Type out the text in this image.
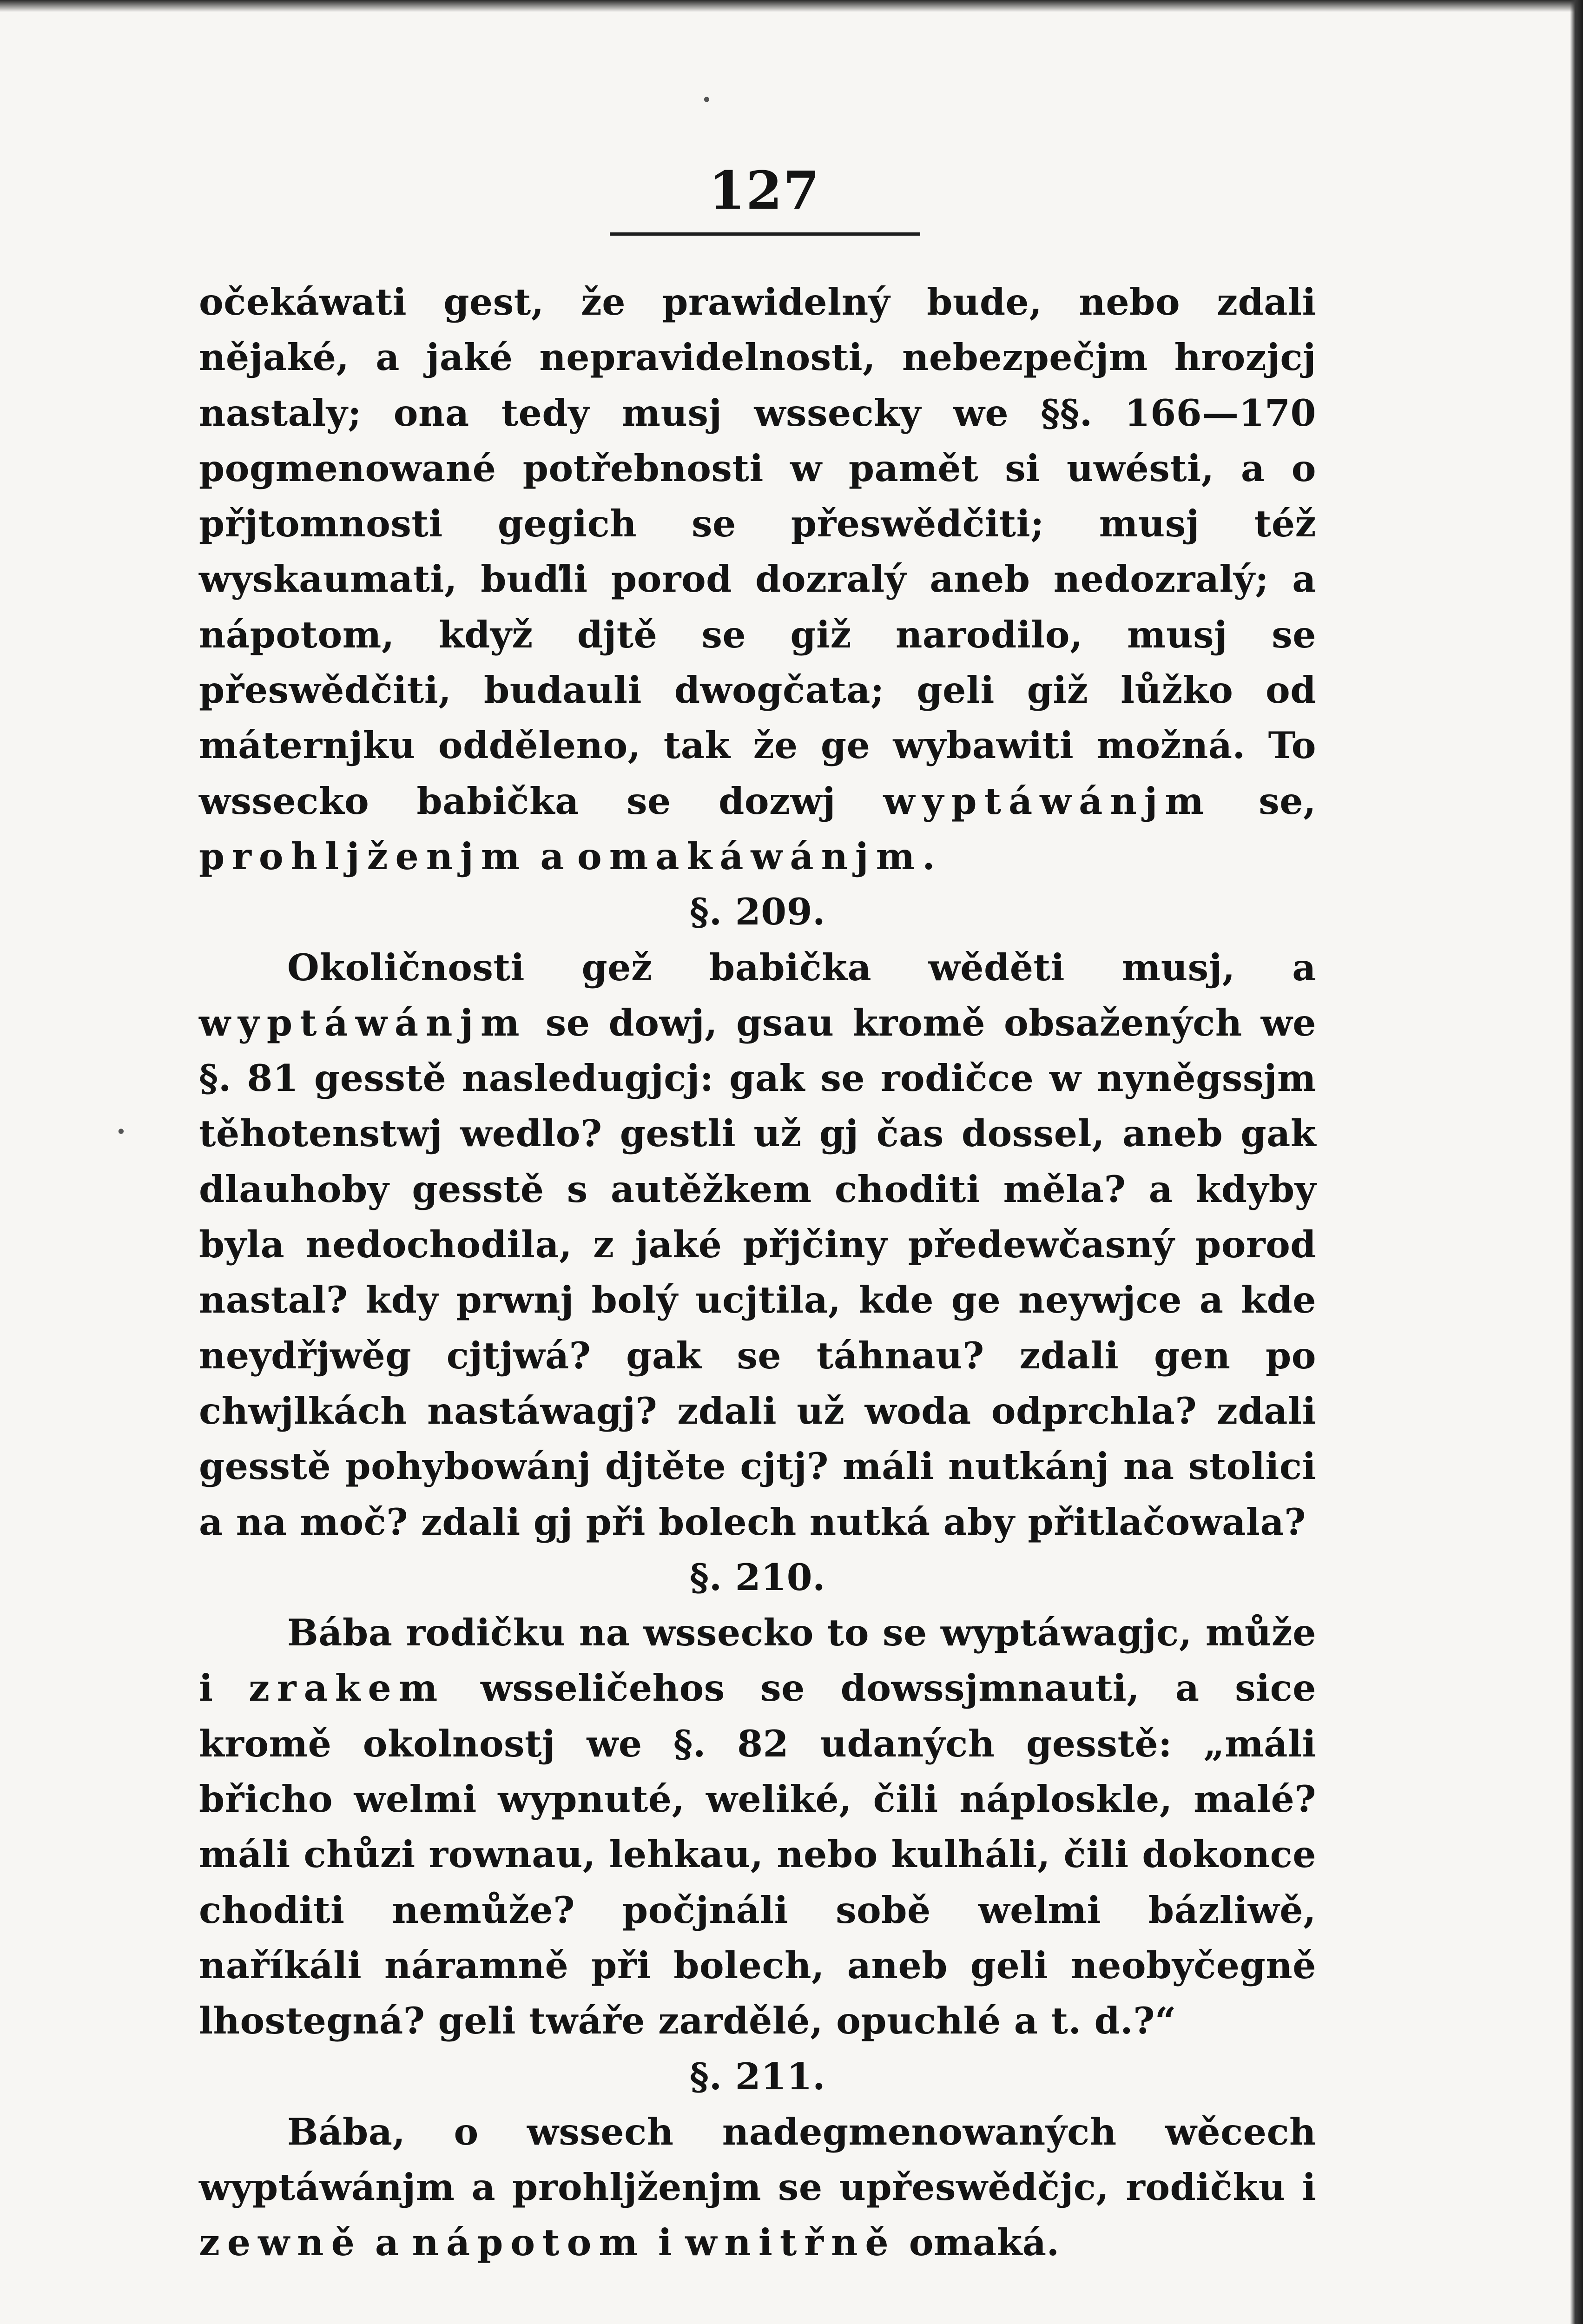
127

očekáwati gest, že prawidelný bude, nebo zdali nějaké, a jaké nepravidelnosti, nebezpečjm hrozjcj nastaly; ona tedy musj wssecky we §§. 166—170 pogmenowané potřebnosti w pamět si uwésti, a o přjtomnosti gegich se přeswědčiti; musj též wyskaumati, buďli porod dozralý aneb nedozralý; a nápotom, když djtě se giž narodilo, musj se přeswědčiti, budauli dwogčata; geli giž lůžko od máternjku odděleno, tak že ge wybawiti možná. To wssecko babička se dozwj wyptáwánjm se, prohljženjm a omakáwánjm.

§. 209.

Okoličnosti gež babička wěděti musj, a wyptáwánjm se dowj, gsau kromě obsažených we §. 81 gesstě nasledugjcj: gak se rodičce w nyněgssjm těhotenstwj wedlo? gestli už gj čas dossel, aneb gak dlauhoby gesstě s autěžkem choditi měla? a kdyby byla nedochodila, z jaké přjčiny předewčasný porod nastal? kdy prwnj bolý ucjtila, kde ge neywjce a kde neydřjwěg cjtjwá? gak se táhnau? zdali gen po chwjlkách nastáwagj? zdali už woda odprchla? zdali gesstě pohybowánj djtěte cjtj? máli nutkánj na stolici a na moč? zdali gj při bolech nutká aby přitlačowala?

§. 210.

Bába rodičku na wssecko to se wyptáwagjc, může i zrakem wsseličehos se dowssjmnauti, a sice kromě okolnostj we §. 82 udaných gesstě: „máli břicho welmi wypnuté, weliké, čili náploskle, malé? máli chůzi rownau, lehkau, nebo kulháli, čili dokonce choditi nemůže? počjnáli sobě welmi bázliwě, naříkáli náramně při bolech, aneb geli neobyčegně lhostegná? geli twáře zardělé, opuchlé a t. d.?“

§. 211.

Bába, o wssech nadegmenowaných wěcech wyptáwánjm a prohljženjm se upřeswědčjc, rodičku i zewně a nápotom i wnitřně omaká.

·
·
